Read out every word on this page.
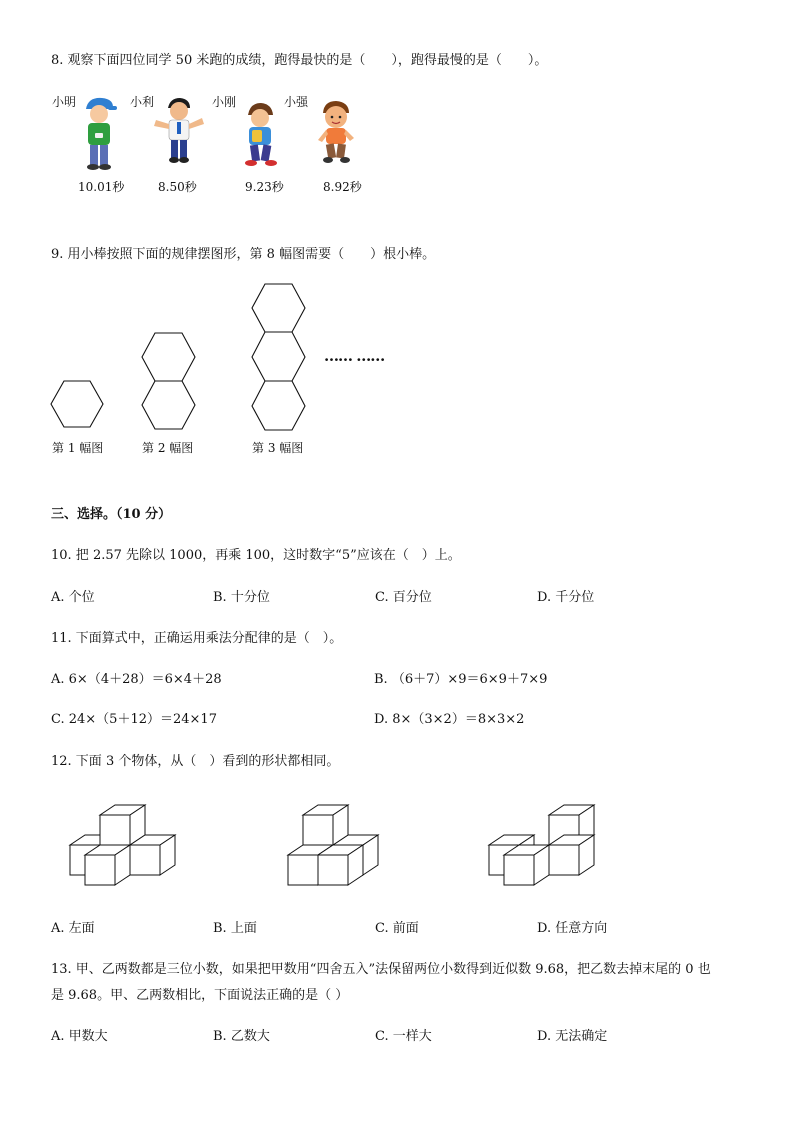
8. 观察下面四位同学 50 米跑的成绩，跑得最快的是（　　），跑得最慢的是（　　）。
小明	小利	小刚	小强
10.01秒	8.50秒	9.23秒	8.92秒
9. 用小棒按照下面的规律摆图形，第 8 幅图需要（　　）根小棒。
…… ……
第 1 幅图	第 2 幅图	第 3 幅图
三、选择。（10 分）
10. 把 2.57 先除以 1000，再乘 100，这时数字“5”应该在（　）上。
A. 个位	B. 十分位	C. 百分位	D. 千分位
11. 下面算式中，正确运用乘法分配律的是（　）。
A. 6×（4＋28）＝6×4＋28	B. （6＋7）×9＝6×9＋7×9
C. 24×（5＋12）＝24×17	D. 8×（3×2）＝8×3×2
12. 下面 3 个物体，从（　）看到的形状都相同。
A. 左面	B. 上面	C. 前面	D. 任意方向
13. 甲、乙两数都是三位小数，如果把甲数用“四舍五入”法保留两位小数得到近似数 9.68，把乙数去掉末尾的 0 也
是 9.68。甲、乙两数相比，下面说法正确的是（ ）
A. 甲数大	B. 乙数大	C. 一样大	D. 无法确定
